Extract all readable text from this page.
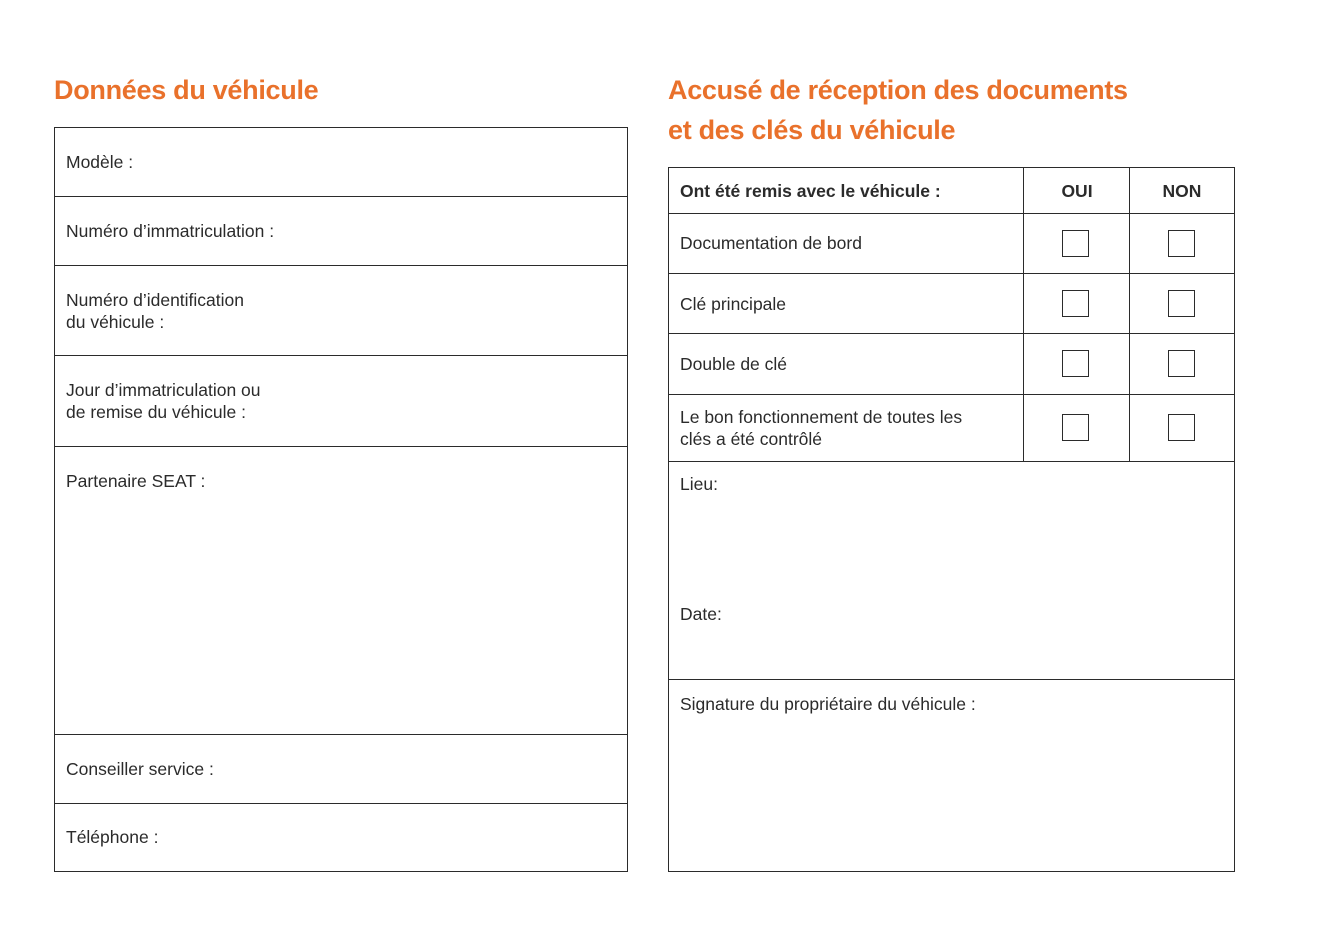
Données du véhicule
Modèle :
Numéro d’immatriculation :
Numéro d’identification
du véhicule :
Jour d’immatriculation ou
de remise du véhicule :
Partenaire SEAT :
Conseiller service :
Téléphone :
Accusé de réception des documents
et des clés du véhicule
Ont été remis avec le véhicule :	OUI	NON
Documentation de bord
Clé principale
Double de clé
Le bon fonctionnement de toutes les
clés a été contrôlé
Lieu:
Date:
Signature du propriétaire du véhicule :
